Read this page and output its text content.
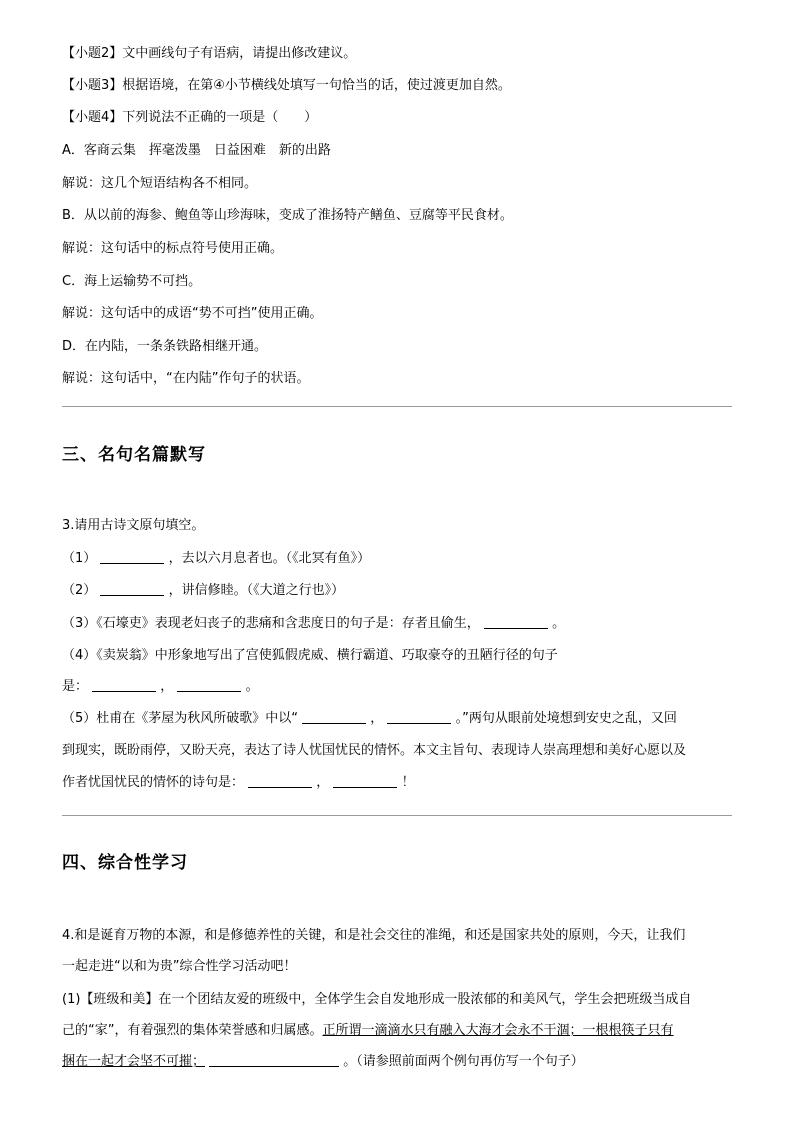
【小题2】文中画线句子有语病，请提出修改建议。
【小题3】根据语境，在第④小节横线处填写一句恰当的话，使过渡更加自然。
【小题4】下列说法不正确的一项是（　　）
A．客商云集　挥毫泼墨　日益困难　新的出路
解说：这几个短语结构各不相同。
B．从以前的海参、鲍鱼等山珍海味，变成了淮扬特产鳝鱼、豆腐等平民食材。
解说：这句话中的标点符号使用正确。
C．海上运输势不可挡。
解说：这句话中的成语“势不可挡”使用正确。
D．在内陆，一条条铁路相继开通。
解说：这句话中，“在内陆”作句子的状语。
三、名句名篇默写
3.请用古诗文原句填空。
（1）	，去以六月息者也。（《北冥有鱼》）
（2）	，讲信修睦。（《大道之行也》）
（3）《石壕吏》表现老妇丧子的悲痛和含悲度日的句子是：存者且偷生，	。
（4）《卖炭翁》中形象地写出了宫使狐假虎威、横行霸道、巧取豪夺的丑陋行径的句子
是：	，	。
（5）杜甫在《茅屋为秋风所破歌》中以“	，	。”两句从眼前处境想到安史之乱，又回
到现实，既盼雨停，又盼天亮，表达了诗人忧国忧民的情怀。本文主旨句、表现诗人崇高理想和美好心愿以及
作者忧国忧民的情怀的诗句是：	，	！
四、综合性学习
4.和是诞育万物的本源，和是修德养性的关键，和是社会交往的准绳，和还是国家共处的原则，今天，让我们
一起走进“以和为贵”综合性学习活动吧！
(1)【班级和美】在一个团结友爱的班级中，全体学生会自发地形成一股浓郁的和美风气，学生会把班级当成自
己的“家”，有着强烈的集体荣誉感和归属感。正所谓一滴滴水只有融入大海才会永不干涸；一根根筷子只有
捆在一起才会坚不可摧；	。（请参照前面两个例句再仿写一个句子）
